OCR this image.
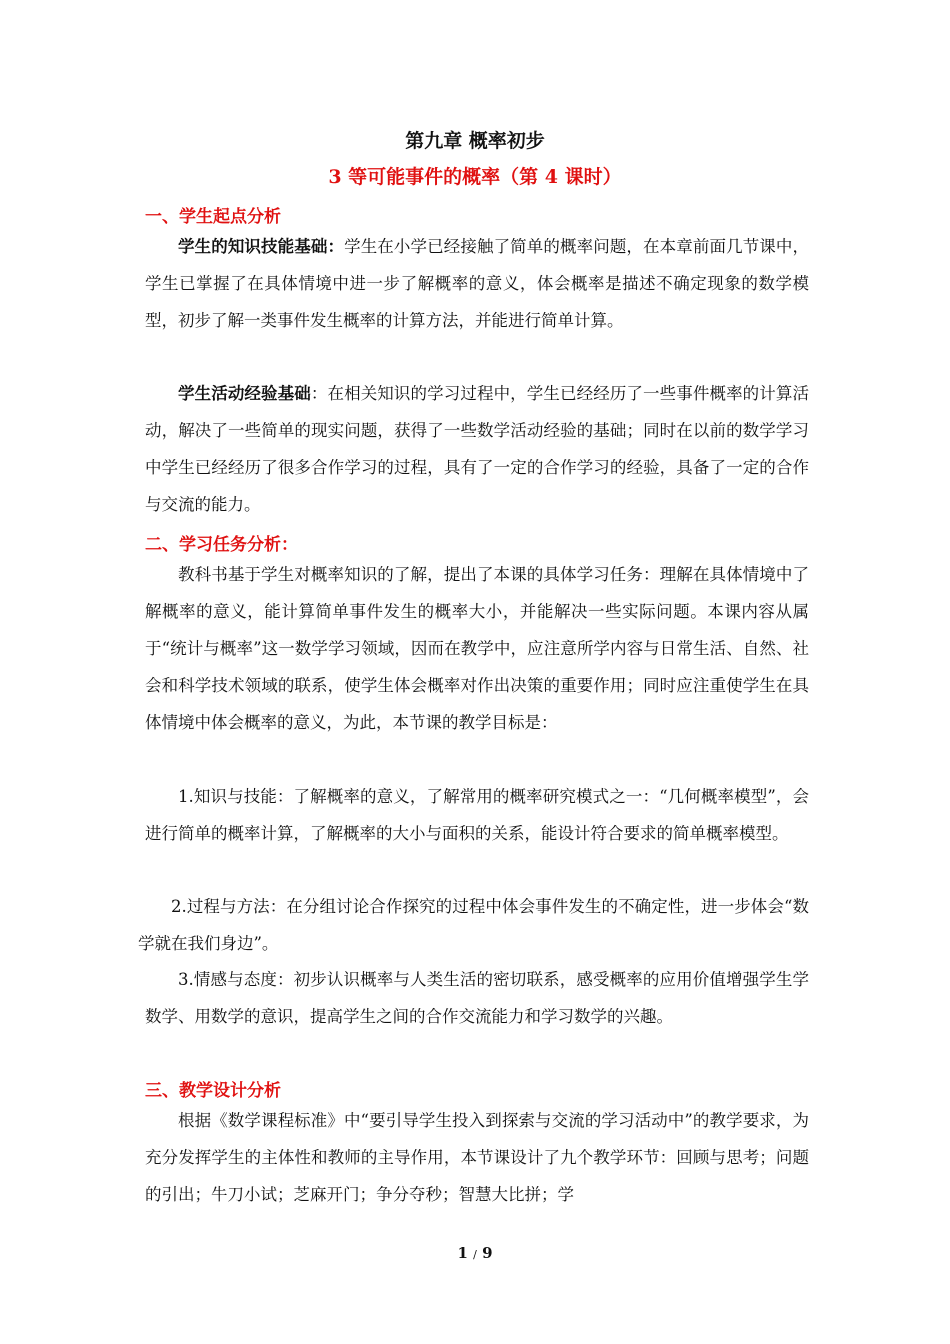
第九章 概率初步
3 等可能事件的概率（第 4 课时）
一、学生起点分析
学生的知识技能基础：学生在小学已经接触了简单的概率问题，在本章前面几节课中，学生已掌握了在具体情境中进一步了解概率的意义，体会概率是描述不确定现象的数学模型，初步了解一类事件发生概率的计算方法，并能进行简单计算。
学生活动经验基础：在相关知识的学习过程中，学生已经经历了一些事件概率的计算活动，解决了一些简单的现实问题，获得了一些数学活动经验的基础；同时在以前的数学学习中学生已经经历了很多合作学习的过程，具有了一定的合作学习的经验，具备了一定的合作与交流的能力。
二、学习任务分析：
教科书基于学生对概率知识的了解，提出了本课的具体学习任务：理解在具体情境中了解概率的意义，能计算简单事件发生的概率大小，并能解决一些实际问题。本课内容从属于“统计与概率”这一数学学习领域，因而在教学中，应注意所学内容与日常生活、自然、社会和科学技术领域的联系，使学生体会概率对作出决策的重要作用；同时应注重使学生在具体情境中体会概率的意义，为此，本节课的教学目标是：
1.知识与技能：了解概率的意义，了解常用的概率研究模式之一：“几何概率模型”，会进行简单的概率计算，了解概率的大小与面积的关系，能设计符合要求的简单概率模型。
2.过程与方法：在分组讨论合作探究的过程中体会事件发生的不确定性，进一步体会“数学就在我们身边”。
3.情感与态度：初步认识概率与人类生活的密切联系，感受概率的应用价值增强学生学数学、用数学的意识，提高学生之间的合作交流能力和学习数学的兴趣。
三、教学设计分析
根据《数学课程标准》中“要引导学生投入到探索与交流的学习活动中”的教学要求，为充分发挥学生的主体性和教师的主导作用，本节课设计了九个教学环节：回顾与思考；问题的引出；牛刀小试；芝麻开门；争分夺秒；智慧大比拼；学
1 / 9
